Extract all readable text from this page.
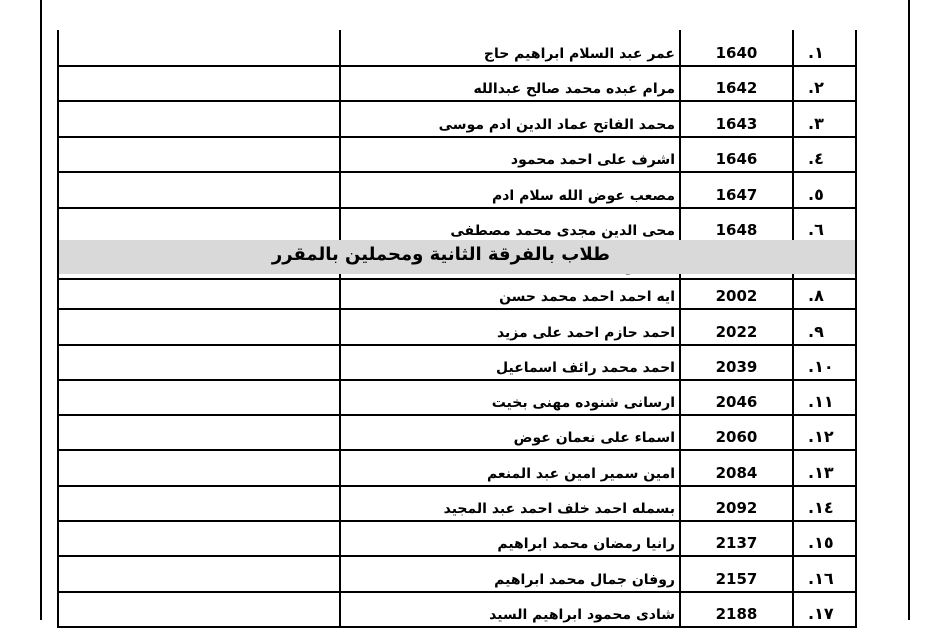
عمر عبد السلام ابراهيم حاج	1640	١.
مرام عبده محمد صالح عبدالله	1642	٢.
محمد الفاتح عماد الدين ادم موسى	1643	٣.
اشرف على احمد محمود	1646	٤.
مصعب عوض الله سلام ادم	1647	٥.
محى الدين مجدى محمد مصطفى	1648	٦.
طلاب بالفرقة الثانية ومحملين بالمقرر
ايه احمد احمد محمد حسن	2002	٨.
احمد حازم احمد على مزيد	2022	٩.
احمد محمد رائف اسماعيل	2039	١٠.
ارسانى شنوده مهنى بخيت	2046	١١.
اسماء على نعمان عوض	2060	١٢.
امين سمير امين عبد المنعم	2084	١٣.
بسمله احمد خلف احمد عبد المجيد	2092	١٤.
رانيا رمضان محمد ابراهيم	2137	١٥.
روفان جمال محمد ابراهيم	2157	١٦.
شادى محمود ابراهيم السيد	2188	١٧.
